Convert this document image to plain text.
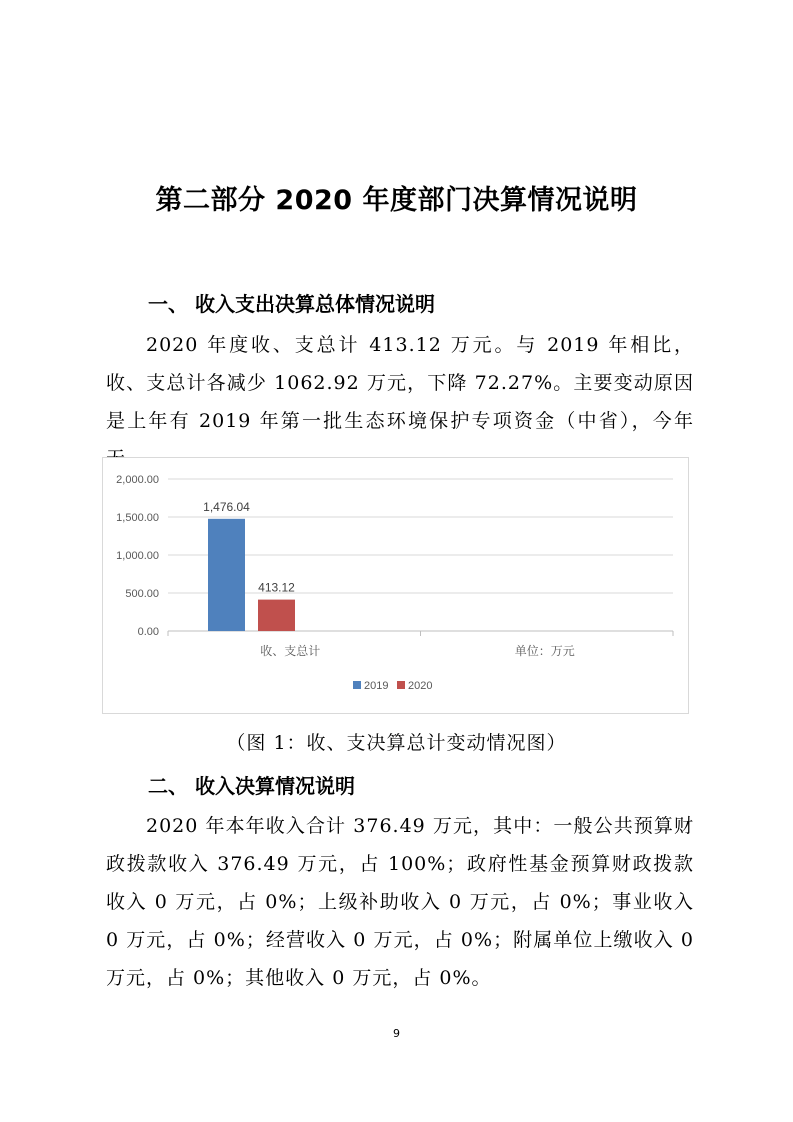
第二部分 2020 年度部门决算情况说明
一、 收入支出决算总体情况说明
2020 年度收、支总计 413.12 万元。与 2019 年相比，收、支总计各减少 1062.92 万元，下降 72.27%。主要变动原因是上年有 2019 年第一批生态环境保护专项资金（中省），今年
0.00
500.00
1,000.00
1,500.00
2,000.00
1,476.04
413.12
收、支总计	单位：万元
2019 2020
（图 1：收、支决算总计变动情况图）
二、 收入决算情况说明
2020 年本年收入合计 376.49 万元，其中：一般公共预算财政拨款收入 376.49 万元，占 100%；政府性基金预算财政拨款收入 0 万元，占 0%；上级补助收入 0 万元，占 0%；事业收入 0 万元，占 0%；经营收入 0 万元，占 0%；附属单位上缴收入 0 万元，占 0%；其他收入 0 万元，占 0%。
9
